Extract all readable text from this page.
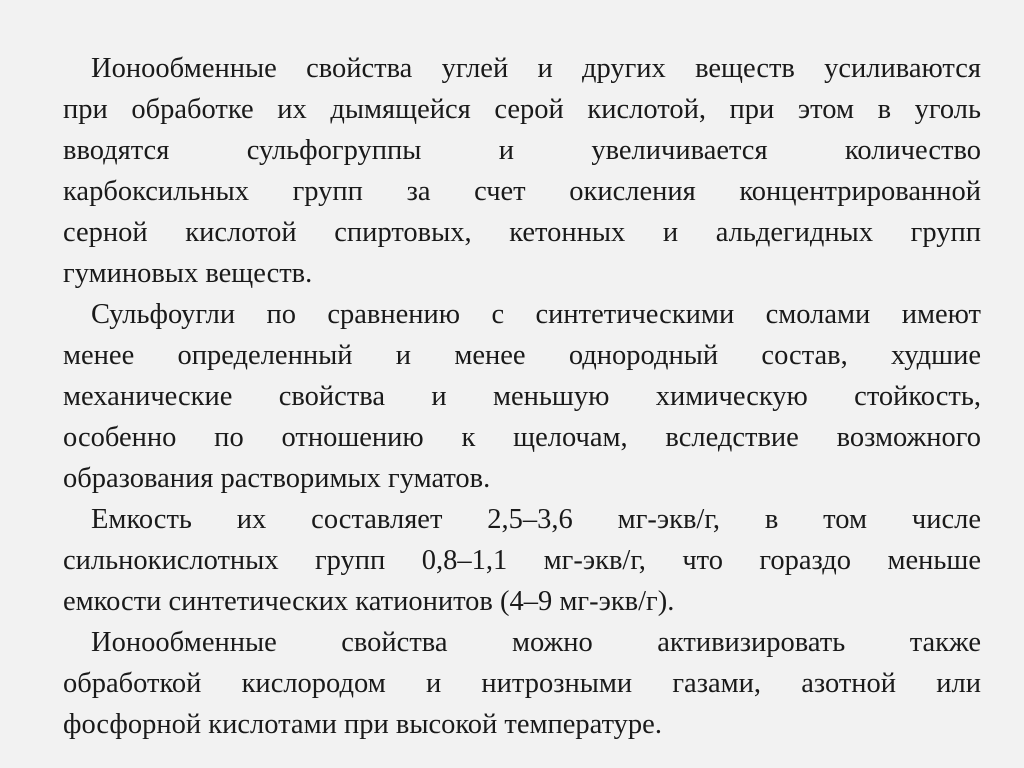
Ионообменные свойства углей и других веществ усиливаются
при обработке их дымящейся серой кислотой, при этом в уголь
вводятся сульфогруппы и увеличивается количество
карбоксильных групп за счет окисления концентрированной
серной кислотой спиртовых, кетонных и альдегидных групп
гуминовых веществ.
Сульфоугли по сравнению с синтетическими смолами имеют
менее определенный и менее однородный состав, худшие
механические свойства и меньшую химическую стойкость,
особенно по отношению к щелочам, вследствие возможного
образования растворимых гуматов.
Емкость их составляет 2,5–3,6 мг-экв/г, в том числе
сильнокислотных групп 0,8–1,1 мг-экв/г, что гораздо меньше
емкости синтетических катионитов (4–9 мг-экв/г).
Ионообменные свойства можно активизировать также
обработкой кислородом и нитрозными газами, азотной или
фосфорной кислотами при высокой температуре.
